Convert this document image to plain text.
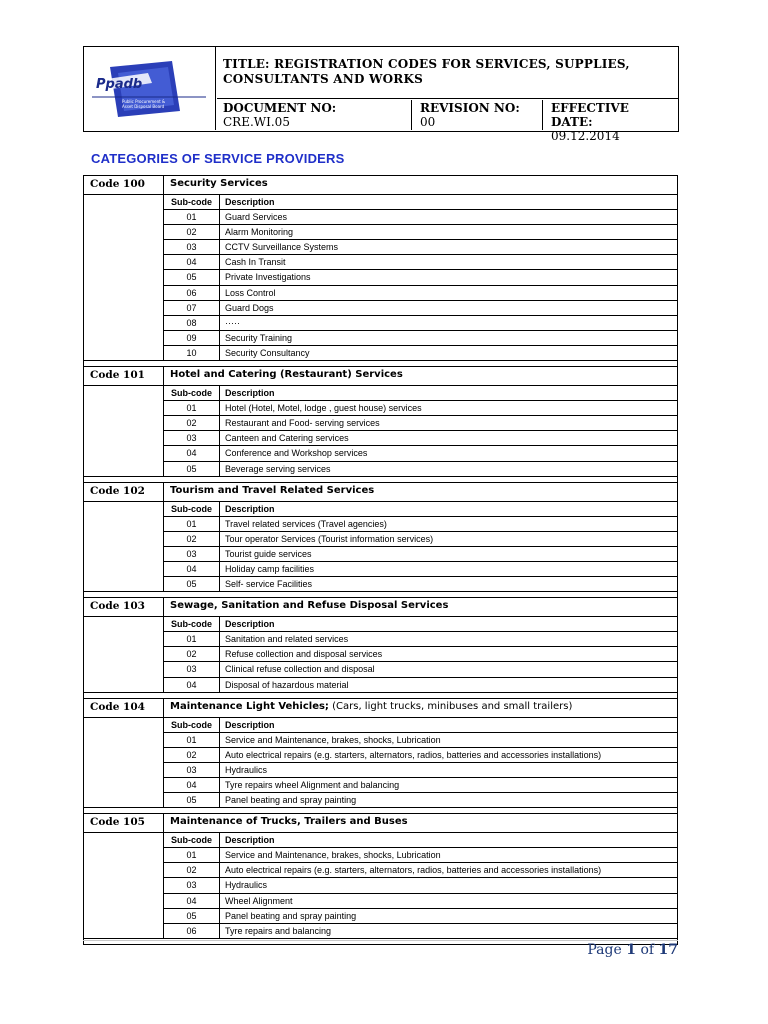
Ppadb
Public Procurement &
Asset Disposal Board
TITLE: REGISTRATION CODES FOR SERVICES, SUPPLIES, CONSULTANTS AND WORKS
DOCUMENT NO: CRE.WI.05
REVISION NO: 00
EFFECTIVE DATE:
09.12.2014
CATEGORIES OF SERVICE PROVIDERS
Code 100	Security Services

Sub-code	Description
01	Guard Services
02	Alarm Monitoring
03	CCTV Surveillance Systems
04	Cash In Transit
05	Private Investigations
06	Loss Control
07	Guard Dogs
08	·····
09	Security Training
10	Security Consultancy

Code 101	Hotel and Catering (Restaurant) Services

Sub-code	Description
01	Hotel (Hotel, Motel, lodge , guest house) services
02	Restaurant and Food- serving services
03	Canteen and Catering services
04	Conference and Workshop services
05	Beverage serving services

Code 102	Tourism and Travel Related Services

Sub-code	Description
01	Travel related services (Travel agencies)
02	Tour operator Services (Tourist information services)
03	Tourist guide services
04	Holiday camp facilities
05	Self- service Facilities

Code 103	Sewage, Sanitation and Refuse Disposal Services

Sub-code	Description
01	Sanitation and related services
02	Refuse collection and disposal services
03	Clinical refuse collection and disposal
04	Disposal of hazardous material

Code 104	Maintenance Light Vehicles; (Cars, light trucks, minibuses and small trailers)

Sub-code	Description
01	Service and Maintenance, brakes, shocks, Lubrication
02	Auto electrical repairs (e.g. starters, alternators, radios, batteries and accessories installations)
03	Hydraulics
04	Tyre repairs wheel Alignment and balancing
05	Panel beating and spray painting

Code 105	Maintenance of Trucks, Trailers and Buses

Sub-code	Description
01	Service and Maintenance, brakes, shocks, Lubrication
02	Auto electrical repairs (e.g. starters, alternators, radios, batteries and accessories installations)
03	Hydraulics
04	Wheel Alignment
05	Panel beating and spray painting
06	Tyre repairs and balancing

Page 1 of 17
